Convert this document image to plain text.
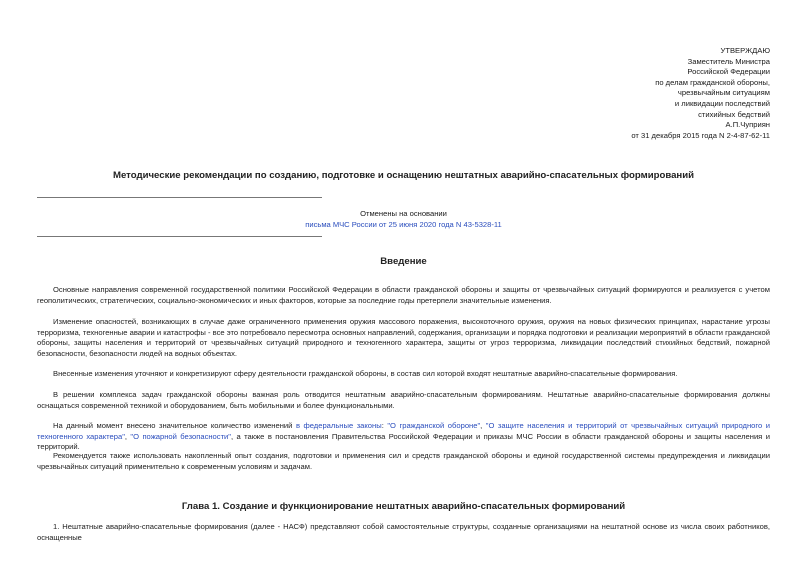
УТВЕРЖДАЮ
Заместитель Министра
Российской Федерации
по делам гражданской обороны,
чрезвычайным ситуациям
и ликвидации последствий
стихийных бедствий
А.П.Чуприян
от 31 декабря 2015 года N 2-4-87-62-11
Методические рекомендации по созданию, подготовке и оснащению нештатных аварийно-спасательных формирований
Отменены на основании
письма МЧС России от 25 июня 2020 года N 43-5328-11
Введение
Основные направления современной государственной политики Российской Федерации в области гражданской обороны и защиты от чрезвычайных ситуаций формируются и реализуется с учетом геополитических, стратегических, социально-экономических и иных факторов, которые за последние годы претерпели значительные изменения.
Изменение опасностей, возникающих в случае даже ограниченного применения оружия массового поражения, высокоточного оружия, оружия на новых физических принципах, нарастание угрозы терроризма, техногенные аварии и катастрофы - все это потребовало пересмотра основных направлений, содержания, организации и порядка подготовки и реализации мероприятий в области гражданской обороны, защиты населения и территорий от чрезвычайных ситуаций природного и техногенного характера, защиты от угроз терроризма, ликвидации последствий стихийных бедствий, пожарной безопасности, безопасности людей на водных объектах.
Внесенные изменения уточняют и конкретизируют сферу деятельности гражданской обороны, в состав сил которой входят нештатные аварийно-спасательные формирования.
В решении комплекса задач гражданской обороны важная роль отводится нештатным аварийно-спасательным формированиям. Нештатные аварийно-спасательные формирования должны оснащаться современной техникой и оборудованием, быть мобильными и более функциональными.
На данный момент внесено значительное количество изменений в федеральные законы: "О гражданской обороне", "О защите населения и территорий от чрезвычайных ситуаций природного и техногенного характера", "О пожарной безопасности", а также в постановления Правительства Российской Федерации и приказы МЧС России в области гражданской обороны и защиты населения и территорий.
Рекомендуется также использовать накопленный опыт создания, подготовки и применения сил и средств гражданской обороны и единой государственной системы предупреждения и ликвидации чрезвычайных ситуаций применительно к современным условиям и задачам.
Глава 1. Создание и функционирование нештатных аварийно-спасательных формирований
1. Нештатные аварийно-спасательные формирования (далее - НАСФ) представляют собой самостоятельные структуры, созданные организациями на нештатной основе из числа своих работников, оснащенные
